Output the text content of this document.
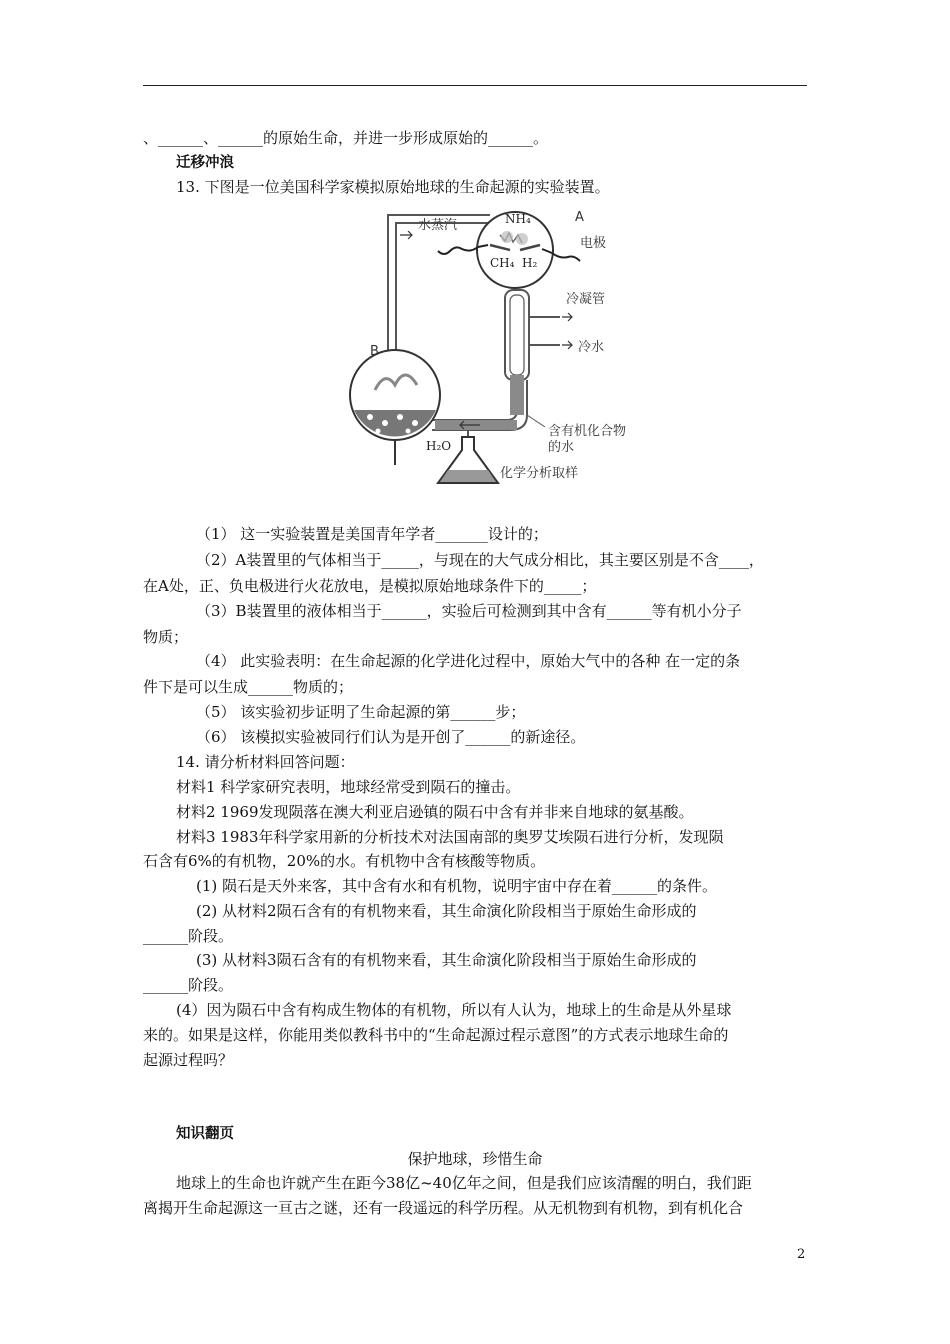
、______、______的原始生命，并进一步形成原始的______。
迁移冲浪
13. 下图是一位美国科学家模拟原始地球的生命起源的实验装置。
A
B
NH₄
CH₄ H₂
H₂O
水蒸汽
电极
冷凝管
冷水
含有机化合物
的水
化学分析取样
（1） 这一实验装置是美国青年学者_______设计的；
（2）A装置里的气体相当于_____，与现在的大气成分相比，其主要区别是不含____，
在A处，正、负电极进行火花放电，是模拟原始地球条件下的_____；
（3）B装置里的液体相当于______，实验后可检测到其中含有______等有机小分子
物质；
（4） 此实验表明：在生命起源的化学进化过程中，原始大气中的各种 在一定的条
件下是可以生成______物质的；
（5） 该实验初步证明了生命起源的第______步；
（6） 该模拟实验被同行们认为是开创了______的新途径。
14. 请分析材料回答问题：
材料1 科学家研究表明，地球经常受到陨石的撞击。
材料2 1969发现陨落在澳大利亚启逊镇的陨石中含有并非来自地球的氨基酸。
材料3 1983年科学家用新的分析技术对法国南部的奥罗艾埃陨石进行分析，发现陨
石含有6%的有机物，20%的水。有机物中含有核酸等物质。
(1) 陨石是天外来客，其中含有水和有机物，说明宇宙中存在着______的条件。
(2) 从材料2陨石含有的有机物来看，其生命演化阶段相当于原始生命形成的
______阶段。
(3) 从材料3陨石含有的有机物来看，其生命演化阶段相当于原始生命形成的
______阶段。
(4）因为陨石中含有构成生物体的有机物，所以有人认为，地球上的生命是从外星球
来的。如果是这样，你能用类似教科书中的“生命起源过程示意图”的方式表示地球生命的
起源过程吗？
知识翻页
保护地球，珍惜生命
地球上的生命也许就产生在距今38亿~40亿年之间，但是我们应该清醒的明白，我们距
离揭开生命起源这一亘古之谜，还有一段遥远的科学历程。从无机物到有机物，到有机化合
2
